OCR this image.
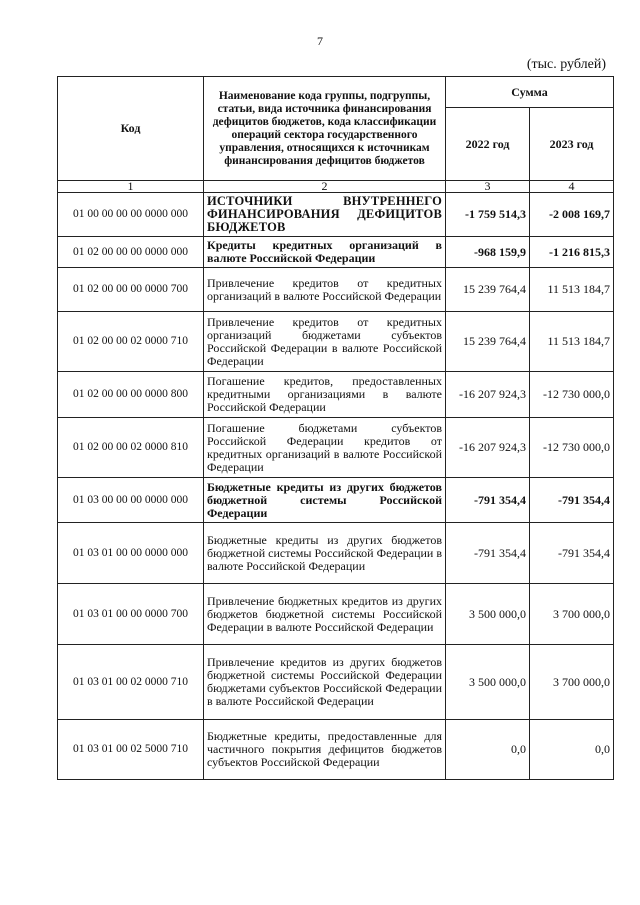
7
(тыс. рублей)
Код	Наименование кода группы, подгруппы, статьи, вида источника финансирования дефицитов бюджетов, кода классификации операций сектора государственного управления, относящихся к источникам финансирования дефицитов бюджетов	Сумма	
		2022 год	2023 год
1	2	3	4
01 00 00 00 00 0000 000	ИСТОЧНИКИ ВНУТРЕННЕГО ФИНАНСИРОВАНИЯ ДЕФИЦИТОВ БЮДЖЕТОВ	-1 759 514,3	-2 008 169,7
01 02 00 00 00 0000 000	Кредиты кредитных организаций в валюте Российской Федерации	-968 159,9	-1 216 815,3
01 02 00 00 00 0000 700	Привлечение кредитов от кредитных организаций в валюте Российской Федерации	15 239 764,4	11 513 184,7
01 02 00 00 02 0000 710	Привлечение кредитов от кредитных организаций бюджетами субъектов Российской Федерации в валюте Российской Федерации	15 239 764,4	11 513 184,7
01 02 00 00 00 0000 800	Погашение кредитов, предоставленных кредитными организациями в валюте Российской Федерации	-16 207 924,3	-12 730 000,0
01 02 00 00 02 0000 810	Погашение бюджетами субъектов Российской Федерации кредитов от кредитных организаций в валюте Российской Федерации	-16 207 924,3	-12 730 000,0
01 03 00 00 00 0000 000	Бюджетные кредиты из других бюджетов бюджетной системы Российской Федерации	-791 354,4	-791 354,4
01 03 01 00 00 0000 000	Бюджетные кредиты из других бюджетов бюджетной системы Российской Федерации в валюте Российской Федерации	-791 354,4	-791 354,4
01 03 01 00 00 0000 700	Привлечение бюджетных кредитов из других бюджетов бюджетной системы Российской Федерации в валюте Российской Федерации	3 500 000,0	3 700 000,0
01 03 01 00 02 0000 710	Привлечение кредитов из других бюджетов бюджетной системы Российской Федерации бюджетами субъектов Российской Федерации в валюте Российской Федерации	3 500 000,0	3 700 000,0
01 03 01 00 02 5000 710	Бюджетные кредиты, предоставленные для частичного покрытия дефицитов бюджетов субъектов Российской Федерации	0,0	0,0
